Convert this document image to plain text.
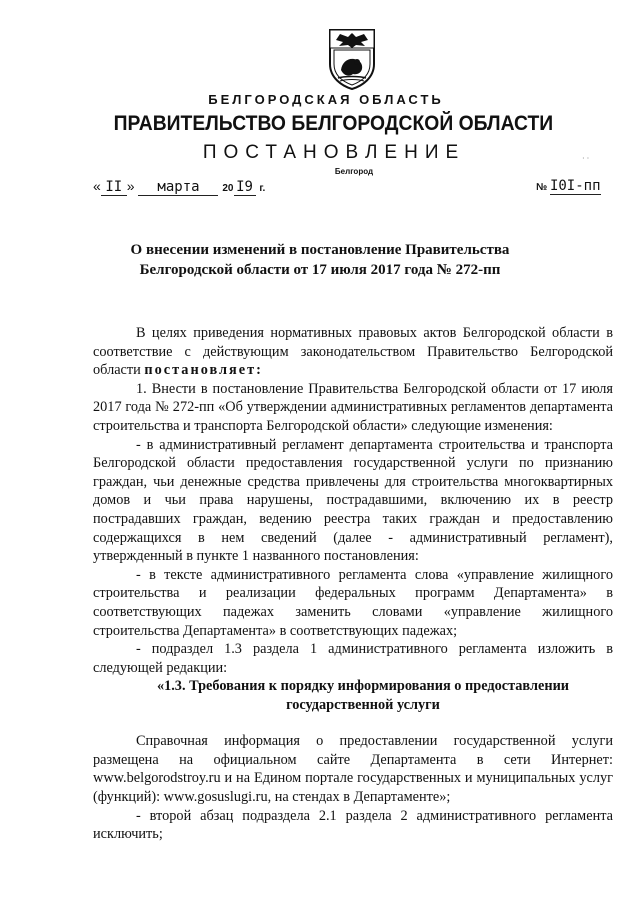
БЕЛГОРОДСКАЯ ОБЛАСТЬ
ПРАВИТЕЛЬСТВО БЕЛГОРОДСКОЙ ОБЛАСТИ
ПОСТАНОВЛЕНИЕ
Белгород
· ·
« II » марта 20 I9 г.	№ I0I-пп
О внесении изменений в постановление Правительства
Белгородской области от 17 июля 2017 года № 272-пп

В целях приведения нормативных правовых актов Белгородской области в соответствие с действующим законодательством Правительство Белгородской области постановляет:

1. Внести в постановление Правительства Белгородской области от 17 июля 2017 года № 272-пп «Об утверждении административных регламентов департамента строительства и транспорта Белгородской области» следующие изменения:

- в административный регламент департамента строительства и транспорта Белгородской области предоставления государственной услуги по признанию граждан, чьи денежные средства привлечены для строительства многоквартирных домов и чьи права нарушены, пострадавшими, включению их в реестр пострадавших граждан, ведению реестра таких граждан и предоставлению содержащихся в нем сведений (далее - административный регламент), утвержденный в пункте 1 названного постановления:

- в тексте административного регламента слова «управление жилищного строительства и реализации федеральных программ Департамента» в соответствующих падежах заменить словами «управление жилищного строительства Департамента» в соответствующих падежах;

- подраздел 1.3 раздела 1 административного регламента изложить в следующей редакции:

«1.3. Требования к порядку информирования о предоставлении
государственной услуги

Справочная информация о предоставлении государственной услуги размещена на официальном сайте Департамента в сети Интернет: www.belgorodstroy.ru и на Едином портале государственных и муниципальных услуг (функций): www.gosuslugi.ru, на стендах в Департаменте»;

- второй абзац подраздела 2.1 раздела 2 административного регламента исключить;
